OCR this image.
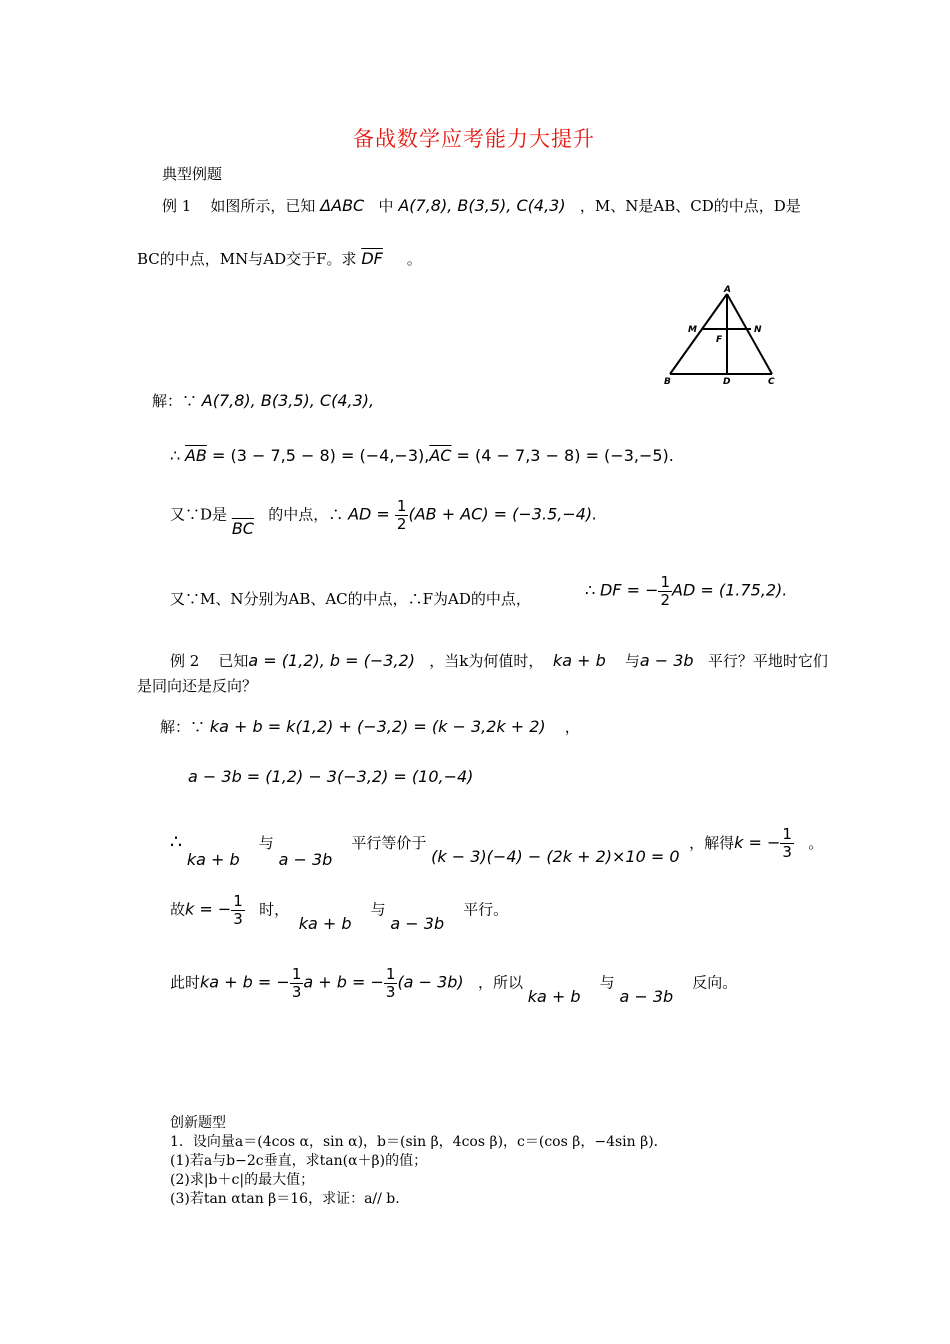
备战数学应考能力大提升
典型例题
例 1 如图所示，已知 ΔABC 中 A(7,8), B(3,5), C(4,3) ，M、N是AB、CD的中点，D是
BC的中点，MN与AD交于F。求 $\overline{DF}$ 。
A
M	N
F
B	D	C
解：∵ A(7,8), B(3,5), C(4,3),
∴ $\overline{AB} = (3 - 7,5 - 8) = (-4,-3),\overline{AC} = (4 - 7,3 - 8) = (-3,-5)$.
又∵D是 $\overline{BC}$   的中点，∴ AD = $\frac{1}{2} (AB + AC) = (-3.5,-4)$.
又∵M、N分别为AB、AC的中点，∴F为AD的中点，	∴ DF = − $\frac{1}{2}$ AD = (1.75,2).
例 2 已知a = (1,2), b = (−3,2) ，当k为何值时， ka + b 与a − 3b 平行？平地时它们
是同向还是反向？
解：∵ ka + b = k(1,2) + (−3,2) = (k − 3,2k + 2) ，
a − 3b = (1,2) − 3(−3,2) = (10,−4)
∴ ka + b    与 a − 3b    平行等价于 (k − 3)(−4) − (2k + 2)×10 = 0  ，解得k = − $\frac{1}{3}$ 。
故k = − $\frac{1}{3}$ 时，  ka + b    与 a − 3b    平行。
此时ka + b = − $\frac{1}{3}$ a + b = − $\frac{1}{3} (a - 3b)$ ，所以 ka + b    与 a − 3b    反向。
创新题型
1．设向量a＝(4cos α，sin α)，b＝(sin β，4cos β)，c＝(cos β，−4sin β)．
(1)若a与b−2c垂直，求tan(α＋β)的值；
(2)求|b＋c|的最大值；
(3)若tan αtan β＝16，求证：a// b.
